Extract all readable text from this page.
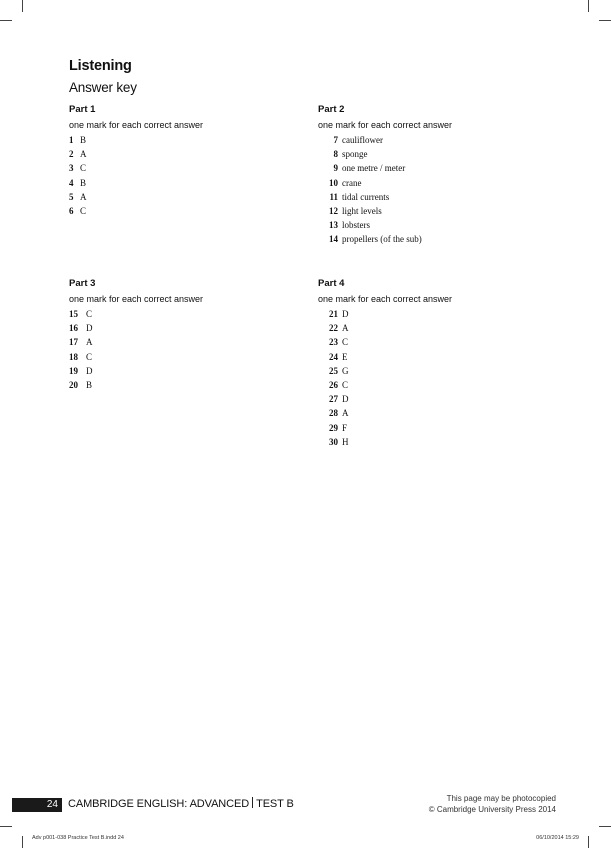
Listening
Answer key
Part 1
one mark for each correct answer
1 B
2 A
3 C
4 B
5 A
6 C
Part 2
one mark for each correct answer
7 cauliflower
8 sponge
9 one metre / meter
10 crane
11 tidal currents
12 light levels
13 lobsters
14 propellers (of the sub)
Part 3
one mark for each correct answer
15 C
16 D
17 A
18 C
19 D
20 B
Part 4
one mark for each correct answer
21 D
22 A
23 C
24 E
25 G
26 C
27 D
28 A
29 F
30 H
24 CAMBRIDGE ENGLISH: ADVANCED TEST B	This page may be photocopied
© Cambridge University Press 2014
Adv p001-038 Practice Test B.indd 24	06/10/2014 15:29
